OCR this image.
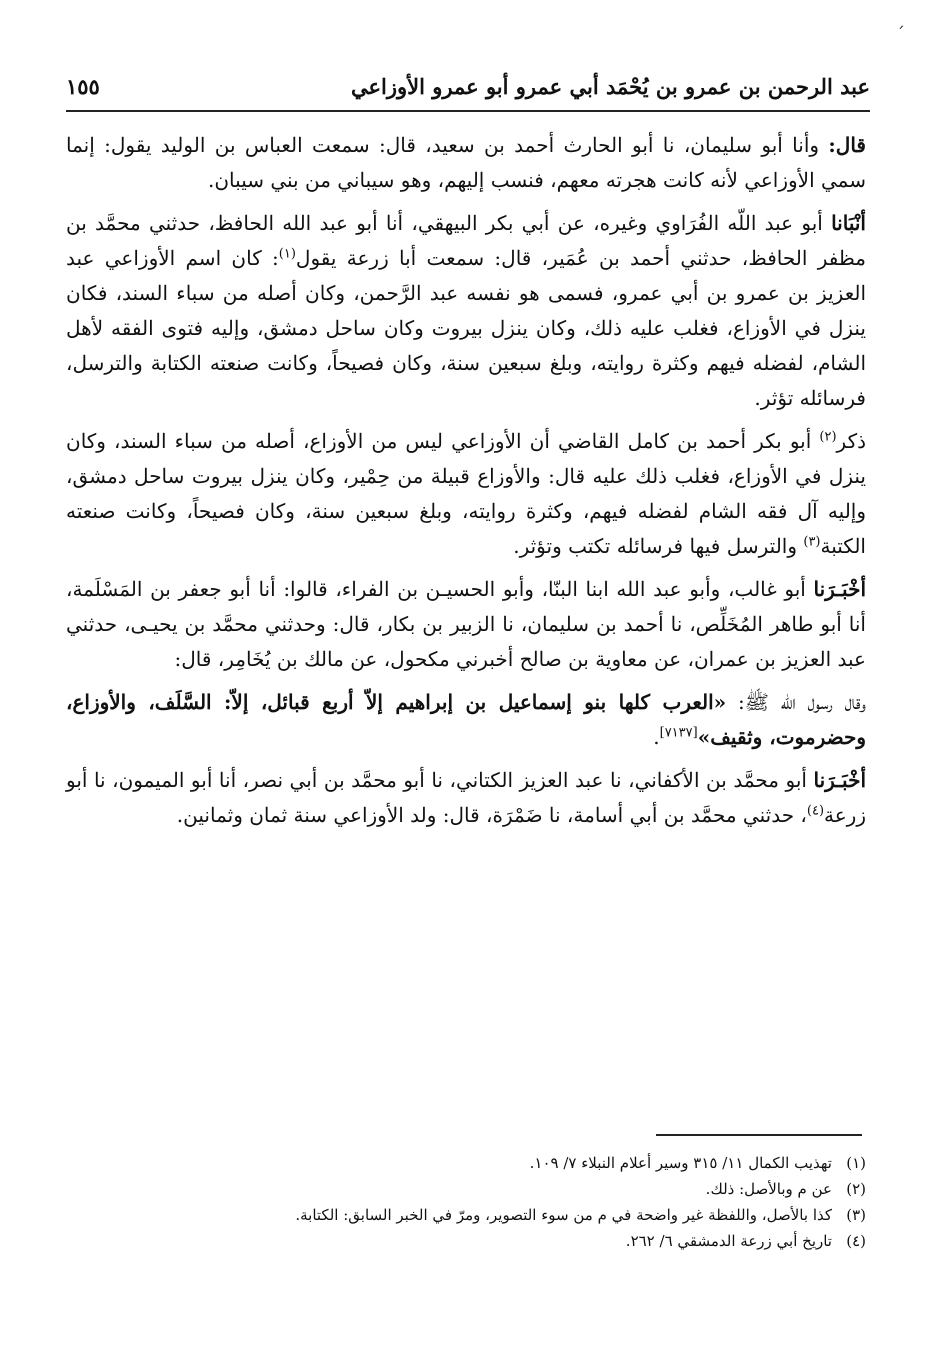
ˊ
عبد الرحمن بن عمرو بن يُحْمَد أبي عمرو أبو عمرو الأوزاعي
١٥٥

قال: وأنا أبو سليمان، نا أبو الحارث أحمد بن سعيد، قال: سمعت العباس بن الوليد يقول: إنما سمي الأوزاعي لأنه كانت هجرته معهم، فنسب إليهم، وهو سيباني من بني سيبان.

أنْبَانا أبو عبد اللّه الفُرَاوي وغيره، عن أبي بكر البيهقي، أنا أبو عبد الله الحافظ، حدثني محمَّد بن مظفر الحافظ، حدثني أحمد بن عُمَير، قال: سمعت أبا زرعة يقول$^{(١)}$: كان اسم الأوزاعي عبد العزيز بن عمرو بن أبي عمرو، فسمى هو نفسه عبد الرَّحمن، وكان أصله من سباء السند، فكان ينزل في الأوزاع، فغلب عليه ذلك، وكان ينزل بيروت وكان ساحل دمشق، وإليه فتوى الفقه لأهل الشام، لفضله فيهم وكثرة روايته، وبلغ سبعين سنة، وكان فصيحاً، وكانت صنعته الكتابة والترسل، فرسائله تؤثر.

ذكر$^{(٢)}$ أبو بكر أحمد بن كامل القاضي أن الأوزاعي ليس من الأوزاع، أصله من سباء السند، وكان ينزل في الأوزاع، فغلب ذلك عليه قال: والأوزاع قبيلة من حِمْير، وكان ينزل بيروت ساحل دمشق، وإليه آل فقه الشام لفضله فيهم، وكثرة روايته، وبلغ سبعين سنة، وكان فصيحاً، وكانت صنعته الكتبة$^{(٣)}$ والترسل فيها فرسائله تكتب وتؤثر.

أخْبَـرَنا أبو غالب، وأبو عبد الله ابنا البنّا، وأبو الحسيـن بن الفراء، قالوا: أنا أبو جعفر بن المَسْلَمة، أنا أبو طاهر المُخَلِّص، نا أحمد بن سليمان، نا الزبير بن بكار، قال: وحدثني محمَّد بن يحيـى، حدثني عبد العزيز بن عمران، عن معاوية بن صالح أخبرني مكحول، عن مالك بن يُخَامِر، قال:

وقال رسول الله ﷺ: «العرب كلها بنو إسماعيل بن إبراهيم إلاّ أربع قبائل، إلاّ: السَّلَف، والأوزاع، وحضرموت، وثقيف»[٧١٣٧].

أخْبَـرَنا أبو محمَّد بن الأكفاني، نا عبد العزيز الكتاني، نا أبو محمَّد بن أبي نصر، أنا أبو الميمون، نا أبو زرعة$^{(٤)}$، حدثني محمَّد بن أبي أسامة، نا ضَمْرَة، قال: ولد الأوزاعي سنة ثمان وثمانين.

(١)تهذيب الكمال ١١/ ٣١٥ وسير أعلام النبلاء ٧/ ١٠٩.

(٢)عن م وبالأصل: ذلك.

(٣)كذا بالأصل، واللفظة غير واضحة في م من سوء التصوير، ومرّ في الخبر السابق: الكتابة.

(٤)تاريخ أبي زرعة الدمشقي ٦/ ٢٦٢.
